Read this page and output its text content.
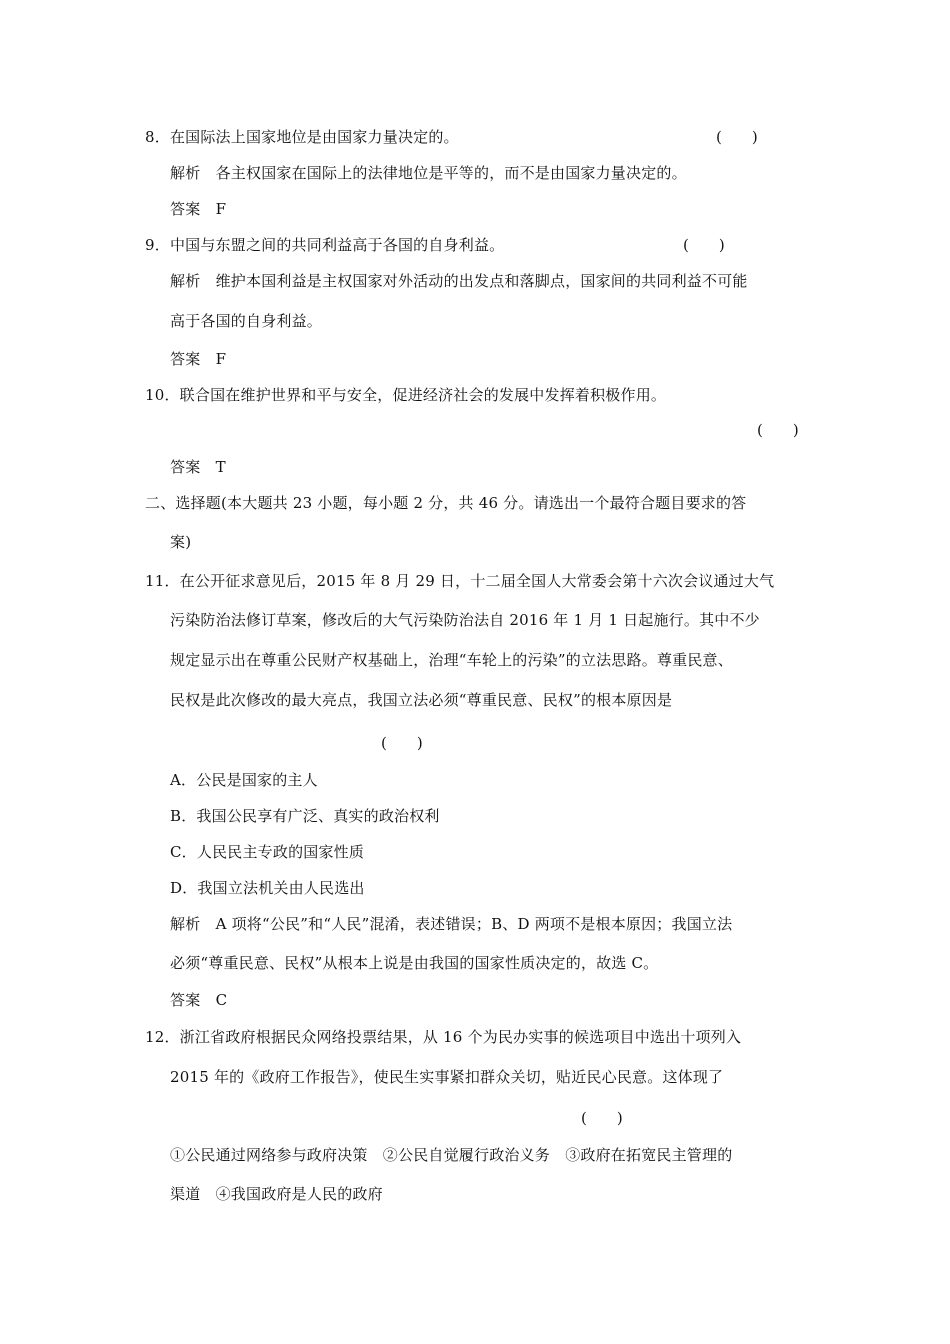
8．在国际法上国家地位是由国家力量决定的。	(　　)
解析　各主权国家在国际上的法律地位是平等的，而不是由国家力量决定的。
答案　F
9．中国与东盟之间的共同利益高于各国的自身利益。	(　　)
解析　维护本国利益是主权国家对外活动的出发点和落脚点，国家间的共同利益不可能
高于各国的自身利益。
答案　F
10．联合国在维护世界和平与安全，促进经济社会的发展中发挥着积极作用。
(　　)
答案　T
二、选择题(本大题共 23 小题，每小题 2 分，共 46 分。请选出一个最符合题目要求的答
案)
11．在公开征求意见后，2015 年 8 月 29 日，十二届全国人大常委会第十六次会议通过大气
污染防治法修订草案，修改后的大气污染防治法自 2016 年 1 月 1 日起施行。其中不少
规定显示出在尊重公民财产权基础上，治理“车轮上的污染”的立法思路。尊重民意、
民权是此次修改的最大亮点，我国立法必须“尊重民意、民权”的根本原因是
(　　)
A．公民是国家的主人
B．我国公民享有广泛、真实的政治权利
C．人民民主专政的国家性质
D．我国立法机关由人民选出
解析　A 项将“公民”和“人民”混淆，表述错误；B、D 两项不是根本原因；我国立法
必须“尊重民意、民权”从根本上说是由我国的国家性质决定的，故选 C。
答案　C
12．浙江省政府根据民众网络投票结果，从 16 个为民办实事的候选项目中选出十项列入
2015 年的《政府工作报告》，使民生实事紧扣群众关切，贴近民心民意。这体现了
(　　)
①公民通过网络参与政府决策　②公民自觉履行政治义务　③政府在拓宽民主管理的
渠道　④我国政府是人民的政府
